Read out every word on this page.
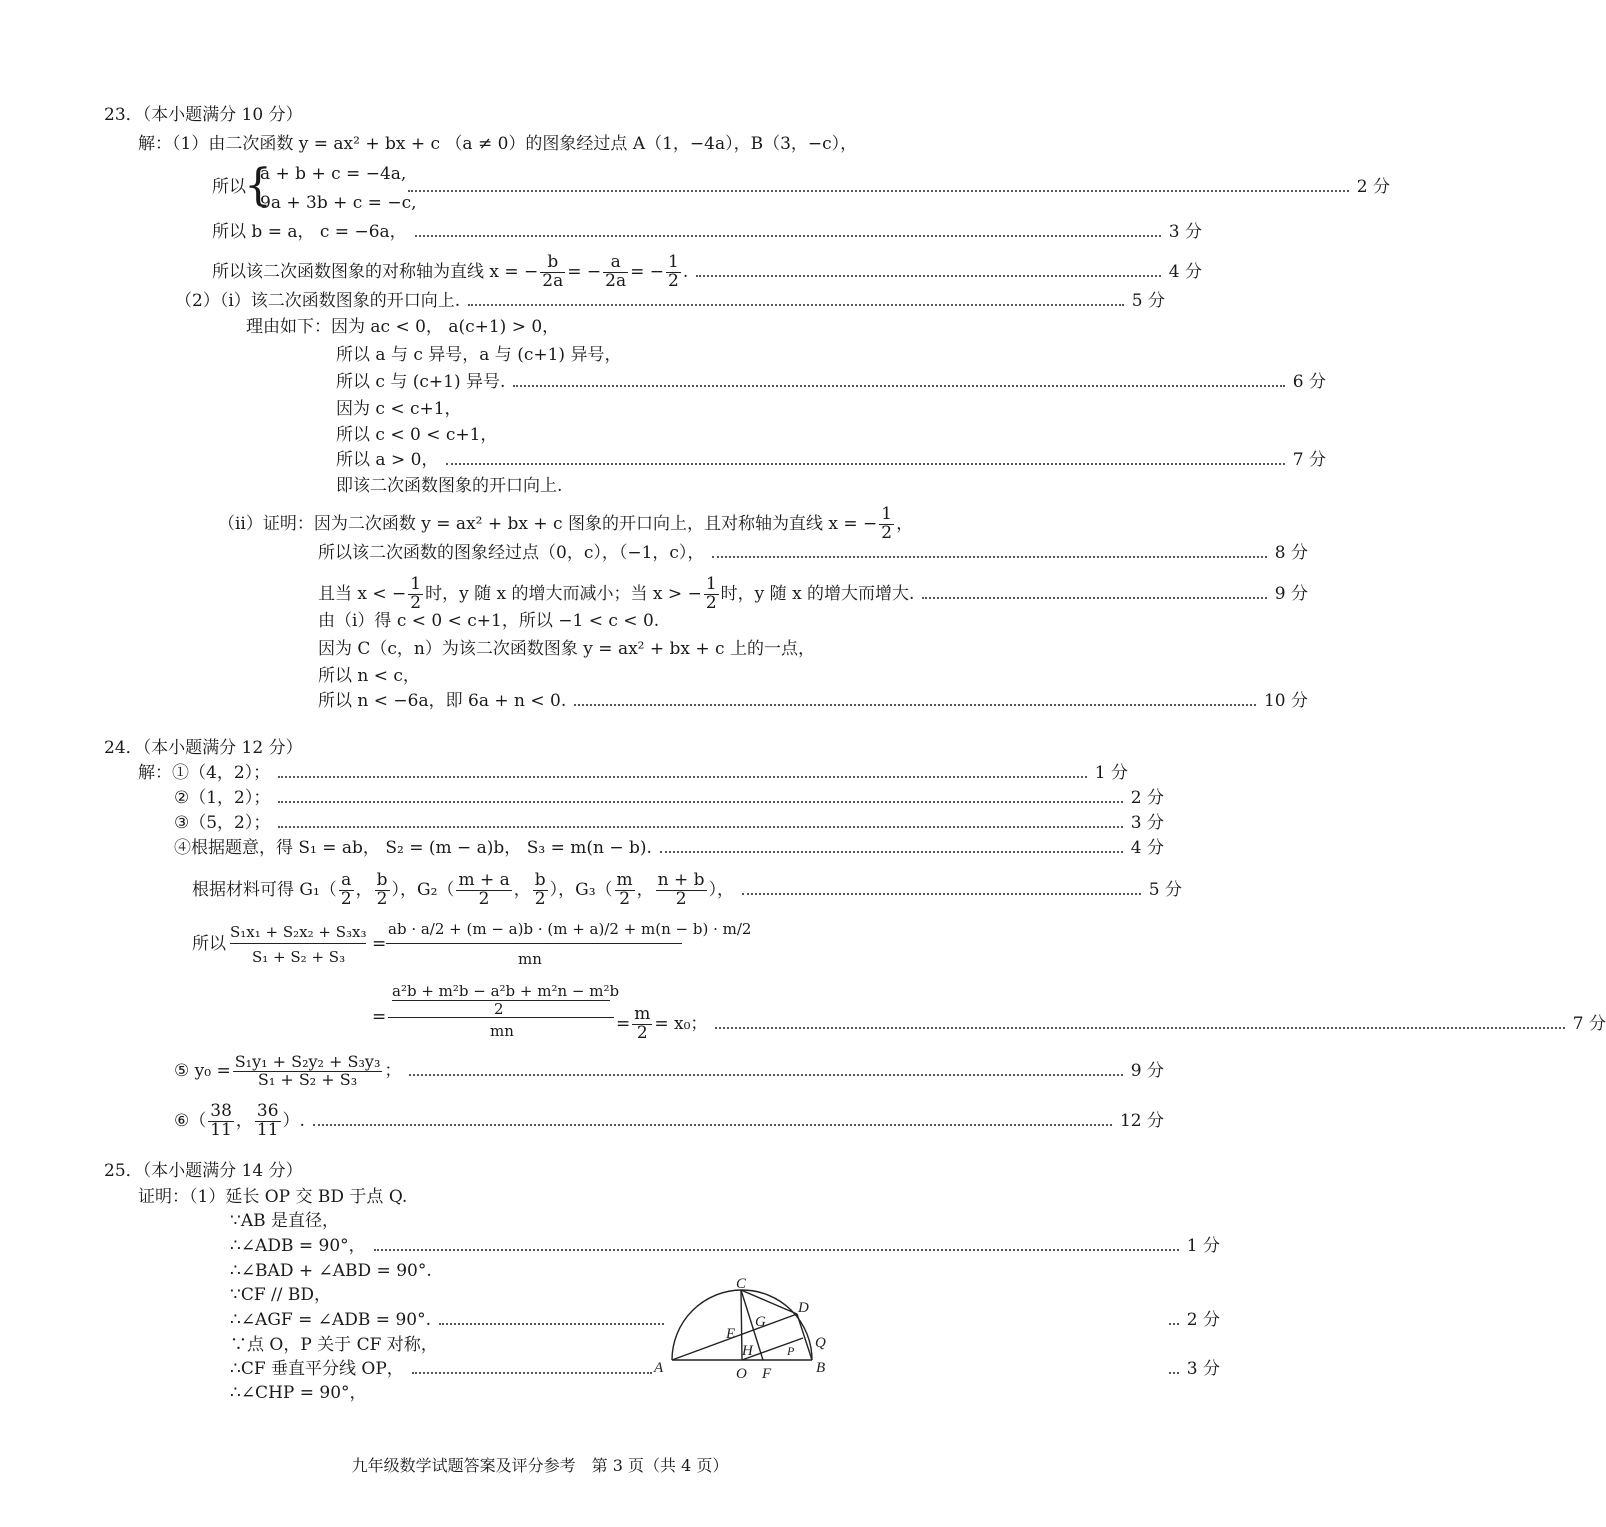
23．（本小题满分 10 分）
解：（1）由二次函数 y = ax² + bx + c （a ≠ 0）的图象经过点 A（1，−4a），B（3，−c），
所以
{
a + b + c = −4a,
9a + 3b + c = −c,
2 分
所以 b = a， c = −6a，	3 分
所以该二次函数图象的对称轴为直线 x = − $\frac{b}{2a}$ = − $\frac{a}{2a}$ = − $\frac{1}{2}$ .	4 分
（2）（i）该二次函数图象的开口向上.	5 分
理由如下：因为 ac < 0， a(c+1) > 0，
所以 a 与 c 异号，a 与 (c+1) 异号，
所以 c 与 (c+1) 异号.	6 分
因为 c < c+1，
所以 c < 0 < c+1，
所以 a > 0，	7 分
即该二次函数图象的开口向上.
（ii）证明：因为二次函数 y = ax² + bx + c 图象的开口向上，且对称轴为直线 x = − $\frac{1}{2}$ ，
所以该二次函数的图象经过点（0，c），（−1，c），	8 分
且当 x < − $\frac{1}{2}$ 时，y 随 x 的增大而减小；当 x > − $\frac{1}{2}$ 时，y 随 x 的增大而增大.	9 分
由（i）得 c < 0 < c+1，所以 −1 < c < 0.
因为 C（c，n）为该二次函数图象 y = ax² + bx + c 上的一点，
所以 n < c，
所以 n < −6a，即 6a + n < 0.	10 分
24．（本小题满分 12 分）
解：①（4，2）；	1 分
②（1，2）；	2 分
③（5，2）；	3 分
④根据题意，得 S₁ = ab， S₂ = (m − a)b， S₃ = m(n − b).	4 分
根据材料可得 $G_1( \frac{a}{2}$ ， $\frac{b}{2}$ ），$G_2( \frac{m + a}{2}$ ， $\frac{b}{2}$ ），$G_3( \frac{m}{2}$ ， $\frac{n + b}{2}$ ），	5 分
所以
S₁x₁ + S₂x₂ + S₃x₃
S₁ + S₂ + S₃
=
ab · a/2 + (m − a)b · (m + a)/2 + m(n − b) · m/2
mn
=
a²b + m²b − a²b + m²n − m²b
2
mn	= $\frac{m}{2} = x_0$；	7 分
⑤ $y_0 = \frac{\text{S₁y₁ + S₂y₂ + S₃y₃}}{\text{S₁ + S₂ + S₃}}$ ；	9 分
⑥（ $\frac{38}{11}$ ， $\frac{36}{11}$ ）.	12 分
25．（本小题满分 14 分）
证明：（1）延长 OP 交 BD 于点 Q.
∵AB 是直径，
∴∠ADB = 90°，	1 分
∴∠BAD + ∠ABD = 90°.
∵CF // BD，
∴∠AGF = ∠ADB = 90°.	2 分
∵点 O，P 关于 CF 对称，
∴CF 垂直平分线 OP，	3 分
∴∠CHP = 90°，
C
D
G
E
H	Q
P
A	O F	B
九年级数学试题答案及评分参考　第 3 页（共 4 页）
